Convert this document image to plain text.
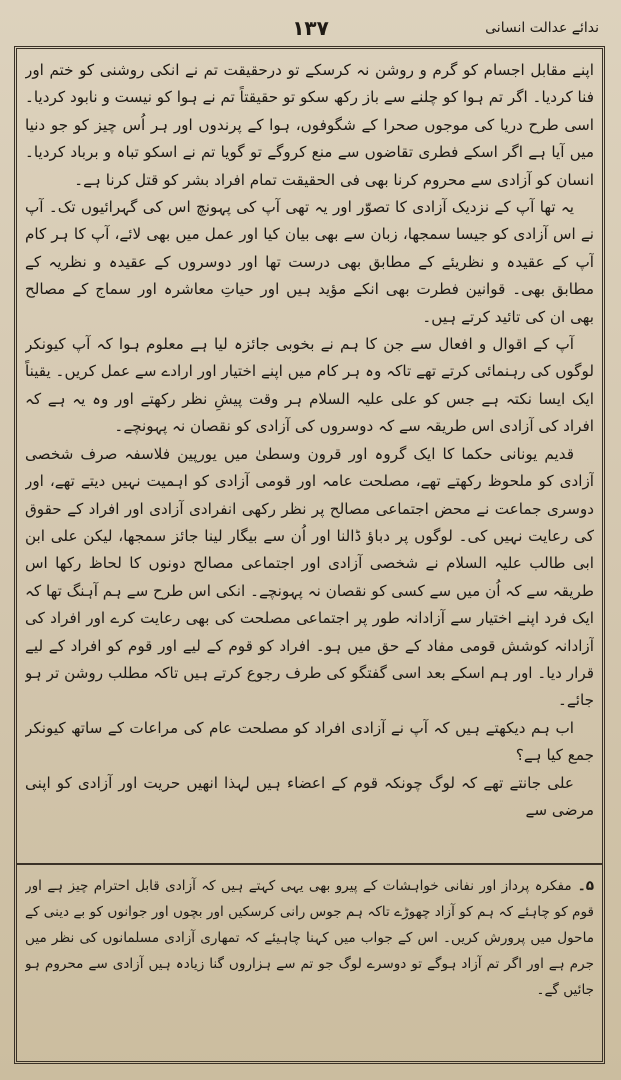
۱۳۷	ندائے عدالت انسانی

اپنے مقابل اجسام کو گرم و روشن نہ کرسکے تو درحقیقت تم نے انکی روشنی کو ختم اور فنا کردیا۔ اگر تم ہوا کو چلنے سے باز رکھ سکو تو حقیقتاً تم نے ہوا کو نیست و نابود کردیا۔ اسی طرح دریا کی موجوں صحرا کے شگوفوں، ہوا کے پرندوں اور ہر اُس چیز کو جو دنیا میں آیا ہے اگر اسکے فطری تقاضوں سے منع کروگے تو گویا تم نے اسکو تباہ و برباد کردیا۔ انسان کو آزادی سے محروم کرنا بھی فی الحقیقت تمام افراد بشر کو قتل کرنا ہے۔

یہ تھا آپ کے نزدیک آزادی کا تصوّر اور یہ تھی آپ کی پہونچ اس کی گہرائیوں تک۔ آپ نے اس آزادی کو جیسا سمجھا، زبان سے بھی بیان کیا اور عمل میں بھی لائے، آپ کا ہر کام آپ کے عقیدہ و نظریئے کے مطابق بھی درست تھا اور دوسروں کے عقیدہ و نظریہ کے مطابق بھی۔ قوانین فطرت بھی انکے مؤید ہیں اور حیاتِ معاشرہ اور سماج کے مصالح بھی ان کی تائید کرتے ہیں۔

آپ کے اقوال و افعال سے جن کا ہم نے بخوبی جائزہ لیا ہے معلوم ہوا کہ آپ کیونکر لوگوں کی رہنمائی کرتے تھے تاکہ وہ ہر کام میں اپنے اختیار اور ارادے سے عمل کریں۔ یقیناً ایک ایسا نکتہ ہے جس کو علی علیہ السلام ہر وقت پیشِ نظر رکھتے اور وہ یہ ہے کہ افراد کی آزادی اس طریقہ سے کہ دوسروں کی آزادی کو نقصان نہ پہونچے۔

قدیم یونانی حکما کا ایک گروہ اور قرون وسطیٰ میں یورپین فلاسفہ صرف شخصی آزادی کو ملحوظ رکھتے تھے، مصلحت عامہ اور قومی آزادی کو اہمیت نہیں دیتے تھے، اور دوسری جماعت نے محض اجتماعی مصالح پر نظر رکھی انفرادی آزادی اور افراد کے حقوق کی رعایت نہیں کی۔ لوگوں پر دباؤ ڈالنا اور اُن سے بیگار لینا جائز سمجھا، لیکن علی ابن ابی طالب علیہ السلام نے شخصی آزادی اور اجتماعی مصالح دونوں کا لحاظ رکھا اس طریقہ سے کہ اُن میں سے کسی کو نقصان نہ پہونچے۔ انکی اس طرح سے ہم آہنگ تھا کہ ایک فرد اپنے اختیار سے آزادانہ طور پر اجتماعی مصلحت کی بھی رعایت کرے اور افراد کی آزادانہ کوشش قومی مفاد کے حق میں ہو۔ افراد کو قوم کے لیے اور قوم کو افراد کے لیے قرار دیا۔ اور ہم اسکے بعد اسی گفتگو کی طرف رجوع کرتے ہیں تاکہ مطلب روشن تر ہو جائے۔

اب ہم دیکھتے ہیں کہ آپ نے آزادی افراد کو مصلحت عام کی مراعات کے ساتھ کیونکر جمع کیا ہے؟

علی جانتے تھے کہ لوگ چونکہ قوم کے اعضاء ہیں لہذا انھیں حریت اور آزادی کو اپنی مرضی سے

۵۔مفکرہ پرداز اور نفانی خواہشات کے پیرو بھی یہی کہتے ہیں کہ آزادی قابل احترام چیز ہے اور قوم کو چاہئے کہ ہم کو آزاد چھوڑے تاکہ ہم جوس رانی کرسکیں اور بچوں اور جوانوں کو بے دینی کے ماحول میں پرورش کریں۔ اس کے جواب میں کہنا چاہیئے کہ تمھاری آزادی مسلمانوں کی نظر میں جرم ہے اور اگر تم آزاد ہوگے تو دوسرے لوگ جو تم سے ہزاروں گنا زیادہ ہیں آزادی سے محروم ہو جائیں گے۔
